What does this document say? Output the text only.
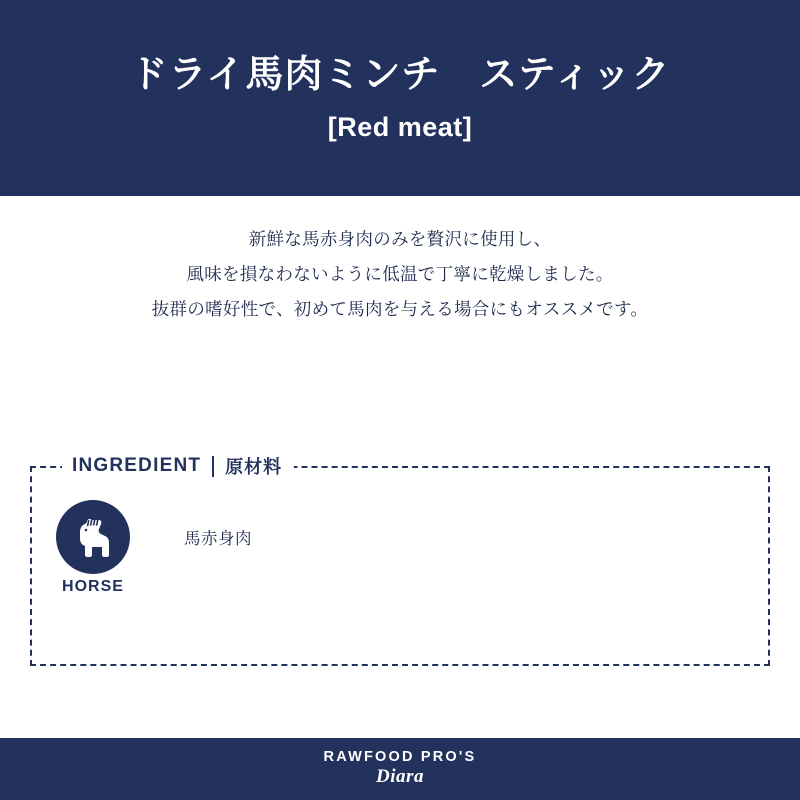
ドライ馬肉ミンチ　スティック
[Red meat]
新鮮な馬赤身肉のみを贅沢に使用し、
風味を損なわないように低温で丁寧に乾燥しました。
抜群の嗜好性で、初めて馬肉を与える場合にもオススメです。
INGREDIENT 原材料
HORSE
馬赤身肉
RAWFOOD PRO'S
Diara
